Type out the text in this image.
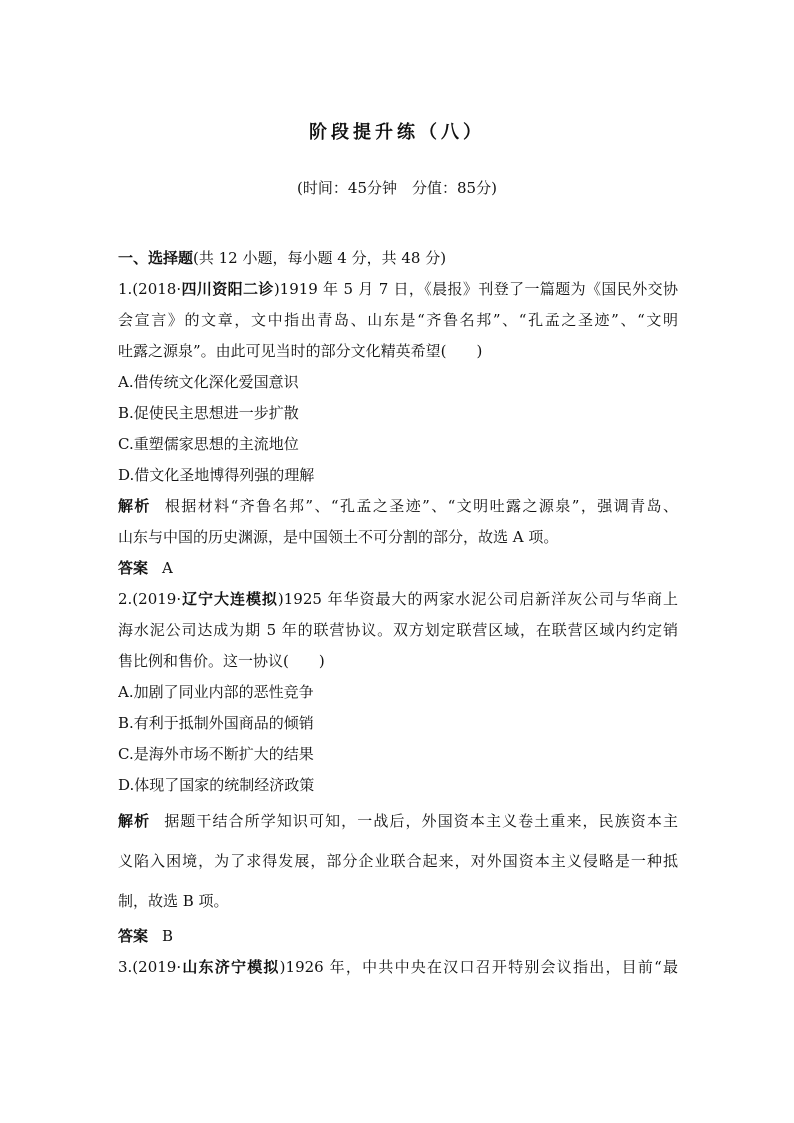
阶段提升练（八）
(时间：45分钟　分值：85分)
一、选择题(共 12 小题，每小题 4 分，共 48 分)
1.(2018·四川资阳二诊)1919 年 5 月 7 日，《晨报》刊登了一篇题为《国民外交协
会宣言》的文章，文中指出青岛、山东是“齐鲁名邦”、“孔孟之圣迹”、“文明
吐露之源泉”。由此可见当时的部分文化精英希望(　　)
A.借传统文化深化爱国意识
B.促使民主思想进一步扩散
C.重塑儒家思想的主流地位
D.借文化圣地博得列强的理解
解析 根据材料“齐鲁名邦”、“孔孟之圣迹”、“文明吐露之源泉”，强调青岛、
山东与中国的历史渊源，是中国领土不可分割的部分，故选 A 项。
答案 A
2.(2019·辽宁大连模拟)1925 年华资最大的两家水泥公司启新洋灰公司与华商上
海水泥公司达成为期 5 年的联营协议。双方划定联营区域，在联营区域内约定销
售比例和售价。这一协议(　　)
A.加剧了同业内部的恶性竞争
B.有利于抵制外国商品的倾销
C.是海外市场不断扩大的结果
D.体现了国家的统制经济政策
解析 据题干结合所学知识可知，一战后，外国资本主义卷土重来，民族资本主
义陷入困境，为了求得发展，部分企业联合起来，对外国资本主义侵略是一种抵
制，故选 B 项。
答案 B
3.(2019·山东济宁模拟)1926 年，中共中央在汉口召开特别会议指出，目前“最
